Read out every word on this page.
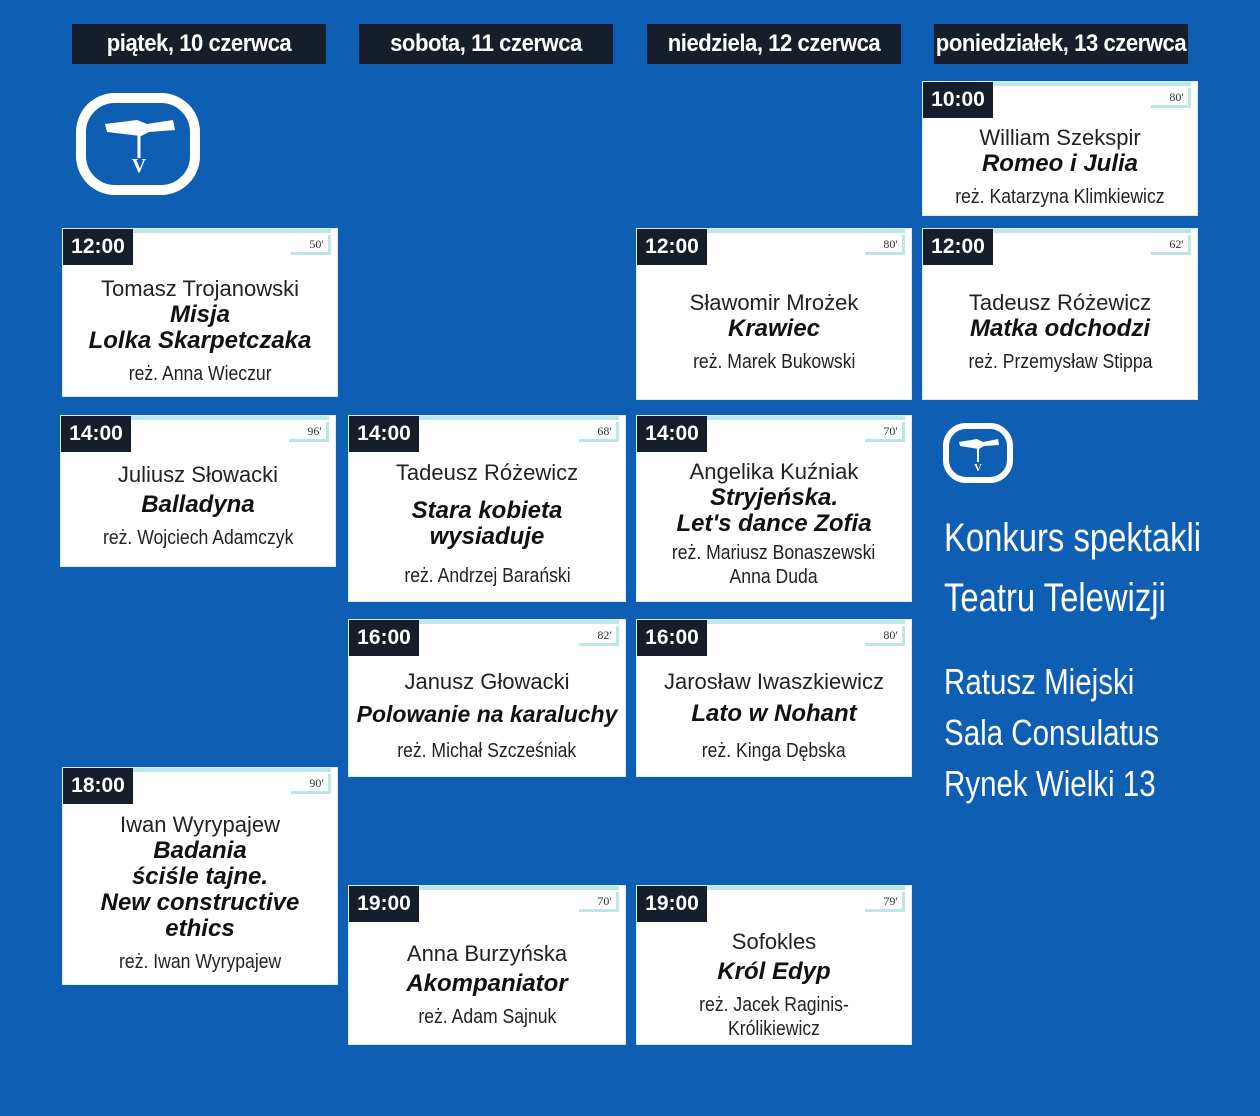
piątek, 10 czerwca	sobota, 11 czerwca	niedziela, 12 czerwca	poniedziałek, 13 czerwca
V
10:00	80′
William Szekspir
Romeo i Julia
reż. Katarzyna Klimkiewicz
12:00	50′
Tomasz Trojanowski
Misja
Lolka Skarpetczaka
reż. Anna Wieczur
12:00	80′
Sławomir Mrożek
Krawiec
reż. Marek Bukowski
12:00	62′
Tadeusz Różewicz
Matka odchodzi
reż. Przemysław Stippa
14:00	96′
Juliusz Słowacki
Balladyna
reż. Wojciech Adamczyk
14:00	68′
Tadeusz Różewicz
Stara kobieta
wysiaduje
reż. Andrzej Barański
14:00	70′
Angelika Kuźniak
Stryjeńska.
Let's dance Zofia
reż. Mariusz Bonaszewski
Anna Duda
16:00	82′
Janusz Głowacki
Polowanie na karaluchy
reż. Michał Szcześniak
16:00	80′
Jarosław Iwaszkiewicz
Lato w Nohant
reż. Kinga Dębska
18:00	90′
Iwan Wyrypajew
Badania
ściśle tajne.
New constructive
ethics
reż. Iwan Wyrypajew
19:00	70′
Anna Burzyńska
Akompaniator
reż. Adam Sajnuk
19:00	79′
Sofokles
Król Edyp
reż. Jacek Raginis-Królikiewicz
V
Konkurs spektakli
Teatru Telewizji
Ratusz Miejski
Sala Consulatus
Rynek Wielki 13
